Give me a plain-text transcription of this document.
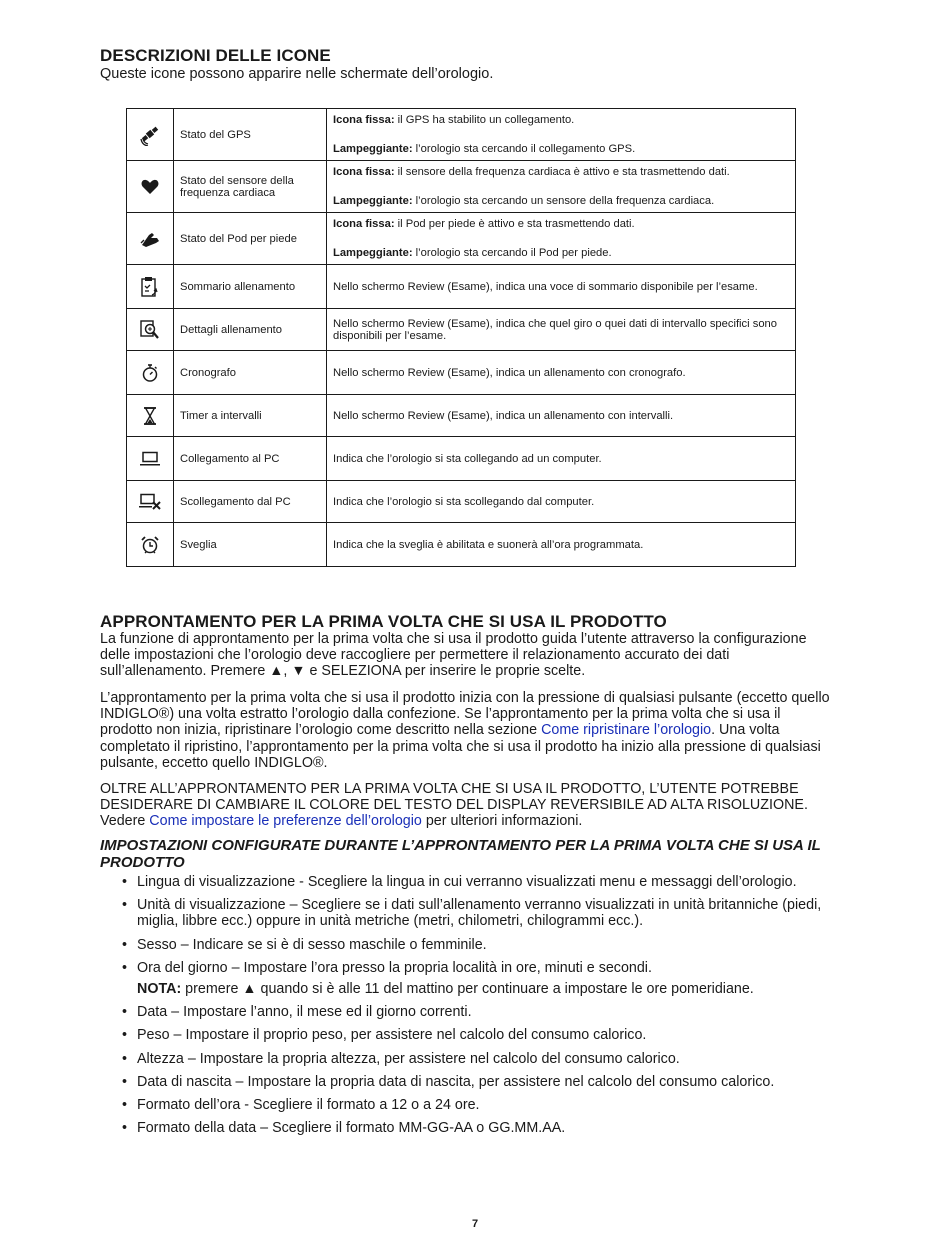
DESCRIZIONI DELLE ICONE

Queste icone possono apparire nelle schermate dell’orologio.

	Stato del GPS	Icona fissa: il GPS ha stabilito un collegamento.

Lampeggiante: l’orologio sta cercando il collegamento GPS.

	Stato del sensore della frequenza cardiaca	Icona fissa: il sensore della frequenza cardiaca è attivo e sta trasmettendo dati.

Lampeggiante: l’orologio sta cercando un sensore della frequenza cardiaca.

	Stato del Pod per piede	Icona fissa: il Pod per piede è attivo e sta trasmettendo dati.

Lampeggiante: l’orologio sta cercando il Pod per piede.

	Sommario allenamento	Nello schermo Review (Esame), indica una voce di sommario disponibile per l’esame.

	Dettagli allenamento	Nello schermo Review (Esame), indica che quel giro o quei dati di intervallo specifici sono disponibili per l’esame.

	Cronografo	Nello schermo Review (Esame), indica un allenamento con cronografo.

	Timer a intervalli	Nello schermo Review (Esame), indica un allenamento con intervalli.

	Collegamento al PC	Indica che l’orologio si sta collegando ad un computer.

	Scollegamento dal PC	Indica che l’orologio si sta scollegando dal computer.

	Sveglia	Indica che la sveglia è abilitata e suonerà all’ora programmata.
APPRONTAMENTO PER LA PRIMA VOLTA CHE SI USA IL PRODOTTO

La funzione di approntamento per la prima volta che si usa il prodotto guida l’utente attraverso la configurazione delle impostazioni che l’orologio deve raccogliere per permettere il relazionamento accurato dei dati sull’allenamento. Premere ▲, ▼ e SELEZIONA per inserire le proprie scelte.

L’approntamento per la prima volta che si usa il prodotto inizia con la pressione di qualsiasi pulsante (eccetto quello INDIGLO®) una volta estratto l’orologio dalla confezione. Se l’approntamento per la prima volta che si usa il prodotto non inizia, ripristinare l’orologio come descritto nella sezione Come ripristinare l’orologio. Una volta completato il ripristino, l’approntamento per la prima volta che si usa il prodotto ha inizio alla pressione di qualsiasi pulsante, eccetto quello INDIGLO®.

OLTRE ALL’APPRONTAMENTO PER LA PRIMA VOLTA CHE SI USA IL PRODOTTO, L’UTENTE POTREBBE DESIDERARE DI CAMBIARE IL COLORE DEL TESTO DEL DISPLAY REVERSIBILE AD ALTA RISOLUZIONE. Vedere Come impostare le preferenze dell’orologio per ulteriori informazioni.

IMPOSTAZIONI CONFIGURATE DURANTE L’APPRONTAMENTO PER LA PRIMA VOLTA CHE SI USA IL PRODOTTO
• Lingua di visualizzazione - Scegliere la lingua in cui verranno visualizzati menu e messaggi dell’orologio.
• Unità di visualizzazione – Scegliere se i dati sull’allenamento verranno visualizzati in unità britanniche (piedi, miglia, libbre ecc.) oppure in unità metriche (metri, chilometri, chilogrammi ecc.).
• Sesso – Indicare se si è di sesso maschile o femminile.
• Ora del giorno – Impostare l’ora presso la propria località in ore, minuti e secondi.
NOTA: premere ▲ quando si è alle 11 del mattino per continuare a impostare le ore pomeridiane.
• Data – Impostare l’anno, il mese ed il giorno correnti.
• Peso – Impostare il proprio peso, per assistere nel calcolo del consumo calorico.
• Altezza – Impostare la propria altezza, per assistere nel calcolo del consumo calorico.
• Data di nascita – Impostare la propria data di nascita, per assistere nel calcolo del consumo calorico.
• Formato dell’ora - Scegliere il formato a 12 o a 24 ore.
• Formato della data – Scegliere il formato MM-GG-AA o GG.MM.AA.
7
